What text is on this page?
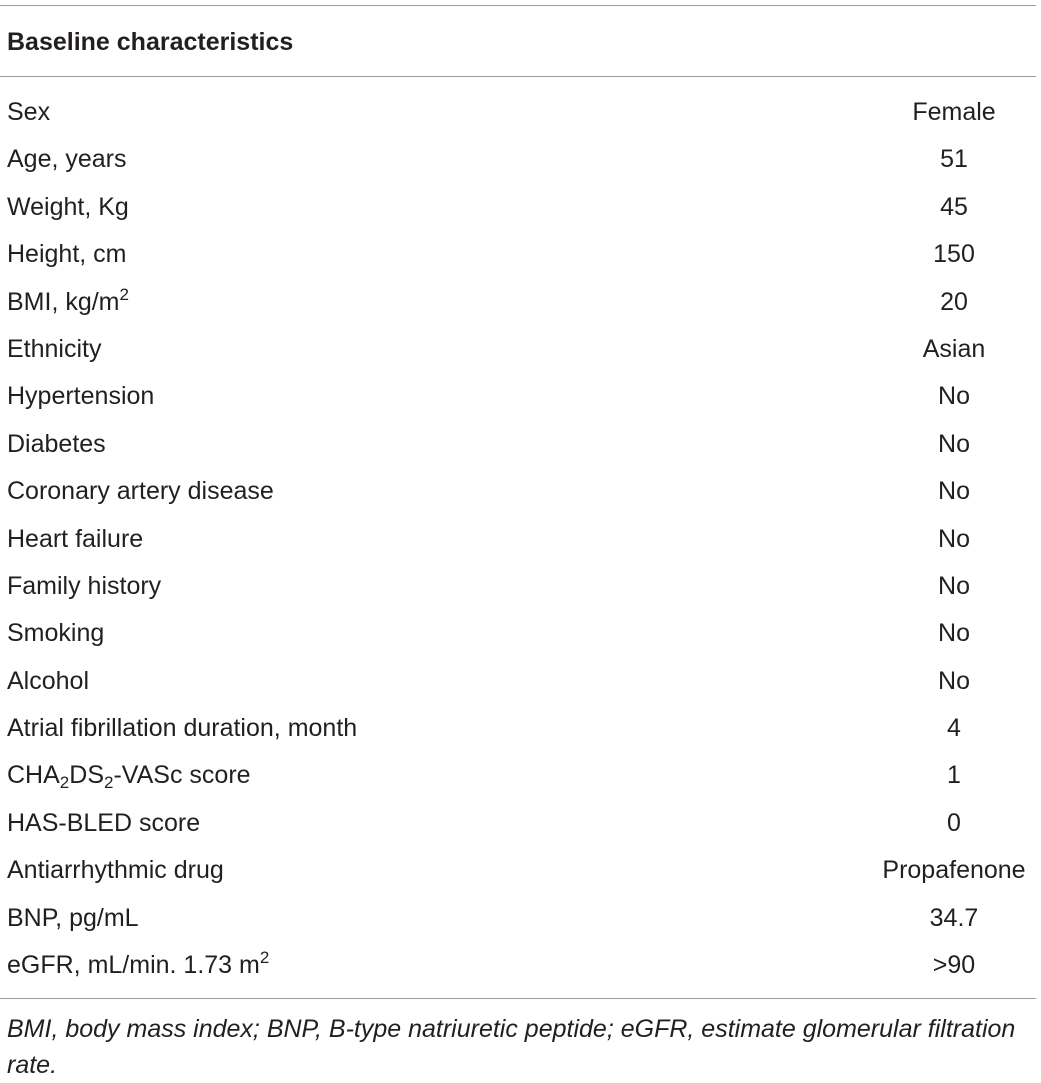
Baseline characteristics
Sex	Female
Age, years	51
Weight, Kg	45
Height, cm	150
BMI, $kg/m^2$	20
Ethnicity	Asian
Hypertension	No
Diabetes	No
Coronary artery disease	No
Heart failure	No
Family history	No
Smoking	No
Alcohol	No
Atrial fibrillation duration, month	4
$CHA_2DS_2$-VASc score	1
HAS-BLED score	0
Antiarrhythmic drug	Propafenone
BNP, pg/mL	34.7
eGFR, mL/min. 1.73 $m^2$	>90
BMI, body mass index; BNP, B-type natriuretic peptide; eGFR, estimate glomerular filtration rate.
